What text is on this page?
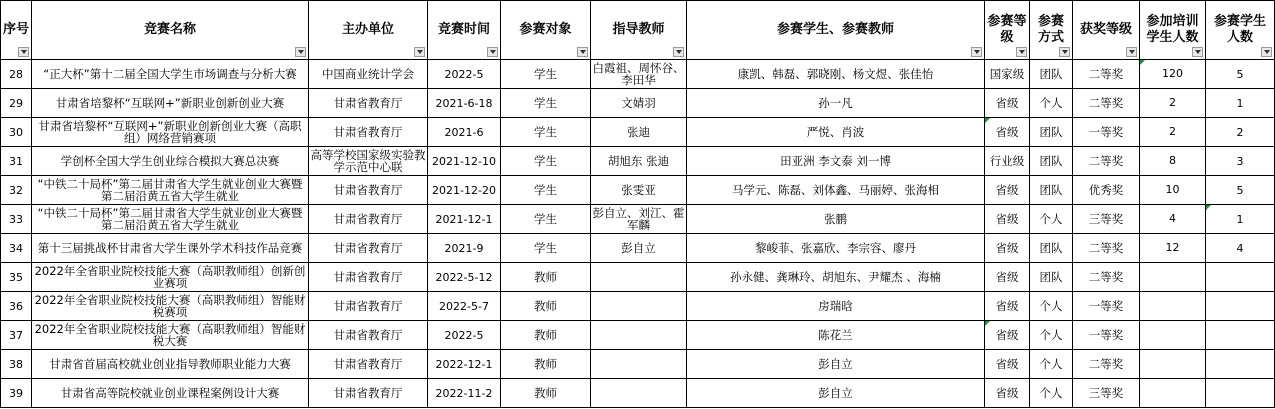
序号	竞赛名称	主办单位	竞赛时间	参赛对象	指导教师	参赛学生、参赛教师	参赛等级	参赛方式	获奖等级	参加培训学生人数	参赛学生人数

28	“正大杯”第十二届全国大学生市场调查与分析大赛	中国商业统计学会	2022-5	学生	白霞祖、周怀谷、李田华	康凯、韩磊、郭晓刚、杨文煜、张佳怡	国家级	团队	二等奖	120	5
29	甘肃省培黎杯“互联网+”新职业创新创业大赛	甘肃省教育厅	2021-6-18	学生	文婧羽	孙一凡	省级	个人	二等奖	2	1
30	甘肃省培黎杯“互联网+”新职业创新创业大赛（高职组）网络营销赛项	甘肃省教育厅	2021-6	学生	张迪	严悦、肖波	省级	团队	一等奖	2	2
31	学创杯全国大学生创业综合模拟大赛总决赛	高等学校国家级实验教学示范中心联	2021-12-10	学生	胡旭东 张迪	田亚洲 李文泰 刘一博	行业级	团队	二等奖	8	3
32	“中铁二十局杯”第二届甘肃省大学生就业创业大赛暨第二届沿黄五省大学生就业	甘肃省教育厅	2021-12-20	学生	张雯亚	马学元、陈磊、刘体鑫、马丽婷、张海相	省级	团队	优秀奖	10	5
33	“中铁二十局杯”第二届甘肃省大学生就业创业大赛暨第二届沿黄五省大学生就业	甘肃省教育厅	2021-12-1	学生	彭自立、刘江、霍军麟	张鹏	省级	个人	三等奖	4	1
34	第十三届挑战杯甘肃省大学生课外学术科技作品竞赛	甘肃省教育厅	2021-9	学生	彭自立	黎峻菲、张嘉欣、李宗容、廖丹	省级	团队	二等奖	12	4
35	2022年全省职业院校技能大赛（高职教师组）创新创业赛项	甘肃省教育厅	2022-5-12	教师		孙永健、龚琳玲、胡旭东、尹耀杰 、海楠	省级	团队	二等奖		
36	2022年全省职业院校技能大赛（高职教师组）智能财税赛项	甘肃省教育厅	2022-5-7	教师		房瑞晗	省级	个人	一等奖		
37	2022年全省职业院校技能大赛（高职教师组）智能财税大赛	甘肃省教育厅	2022-5	教师		陈花兰	省级	个人	一等奖		
38	甘肃省首届高校就业创业指导教师职业能力大赛	甘肃省教育厅	2022-12-1	教师		彭自立	省级	个人	二等奖		
39	甘肃省高等院校就业创业课程案例设计大赛	甘肃省教育厅	2022-11-2	教师		彭自立	省级	个人	三等奖		
